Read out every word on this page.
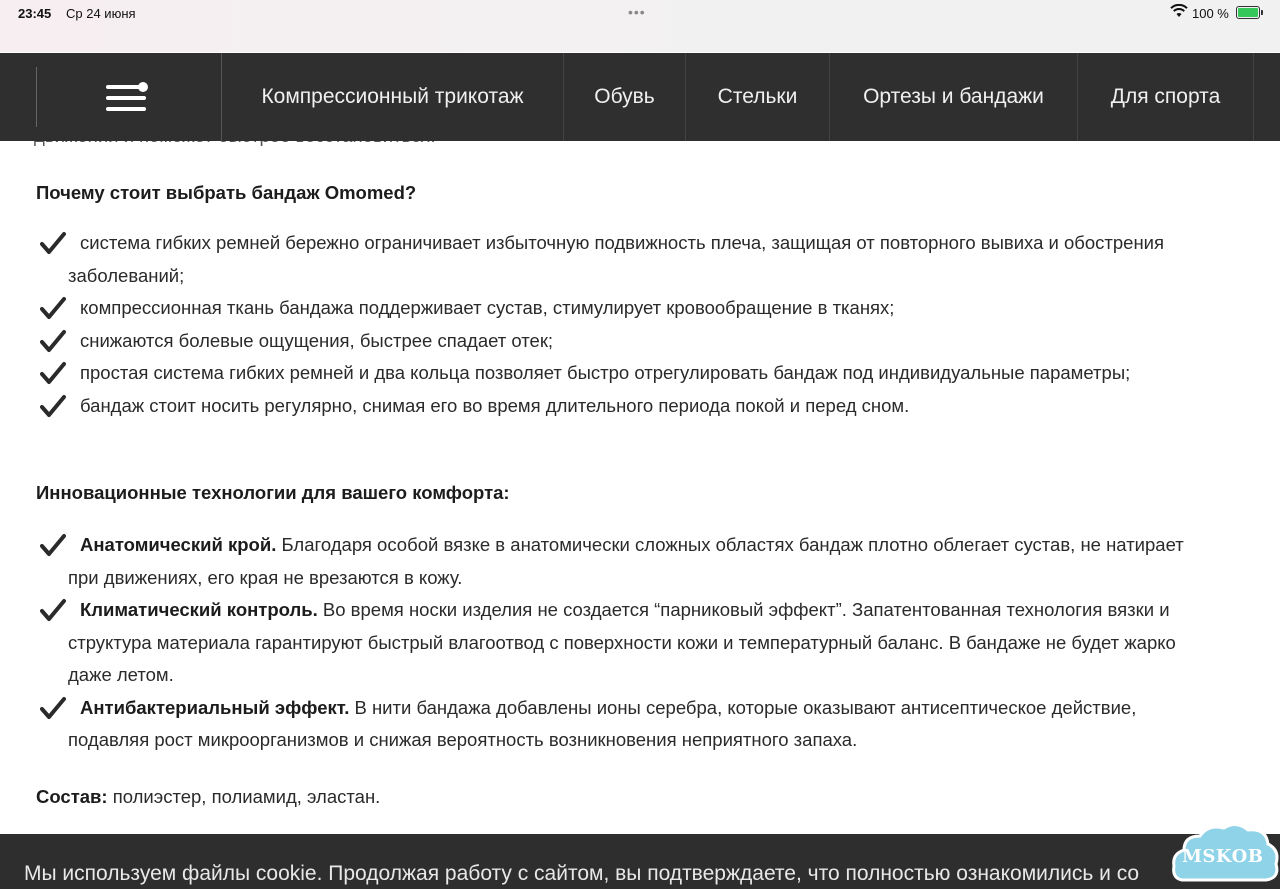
23:45 Ср 24 июня	•••	100 %
Компрессионный трикотаж	Обувь	Стельки	Ортезы и бандажи	Для спорта
Почему стоит выбрать бандаж Omomed?
система гибких ремней бережно ограничивает избыточную подвижность плеча, защищая от повторного вывиха и обострения заболеваний;
компрессионная ткань бандажа поддерживает сустав, стимулирует кровообращение в тканях;
снижаются болевые ощущения, быстрее спадает отек;
простая система гибких ремней и два кольца позволяет быстро отрегулировать бандаж под индивидуальные параметры;
бандаж стоит носить регулярно, снимая его во время длительного периода покой и перед сном.
Инновационные технологии для вашего комфорта:
Анатомический крой. Благодаря особой вязке в анатомически сложных областях бандаж плотно облегает сустав, не натирает при движениях, его края не врезаются в кожу.
Климатический контроль. Во время носки изделия не создается “парниковый эффект”. Запатентованная технология вязки и структура материала гарантируют быстрый влагоотвод с поверхности кожи и температурный баланс. В бандаже не будет жарко даже летом.
Антибактериальный эффект. В нити бандажа добавлены ионы серебра, которые оказывают антисептическое действие, подавляя рост микроорганизмов и снижая вероятность возникновения неприятного запаха.

Состав: полиэстер, полиамид, эластан.

Мы используем файлы cookie. Продолжая работу с сайтом, вы подтверждаете, что полностью ознакомились и со
MSKOB
